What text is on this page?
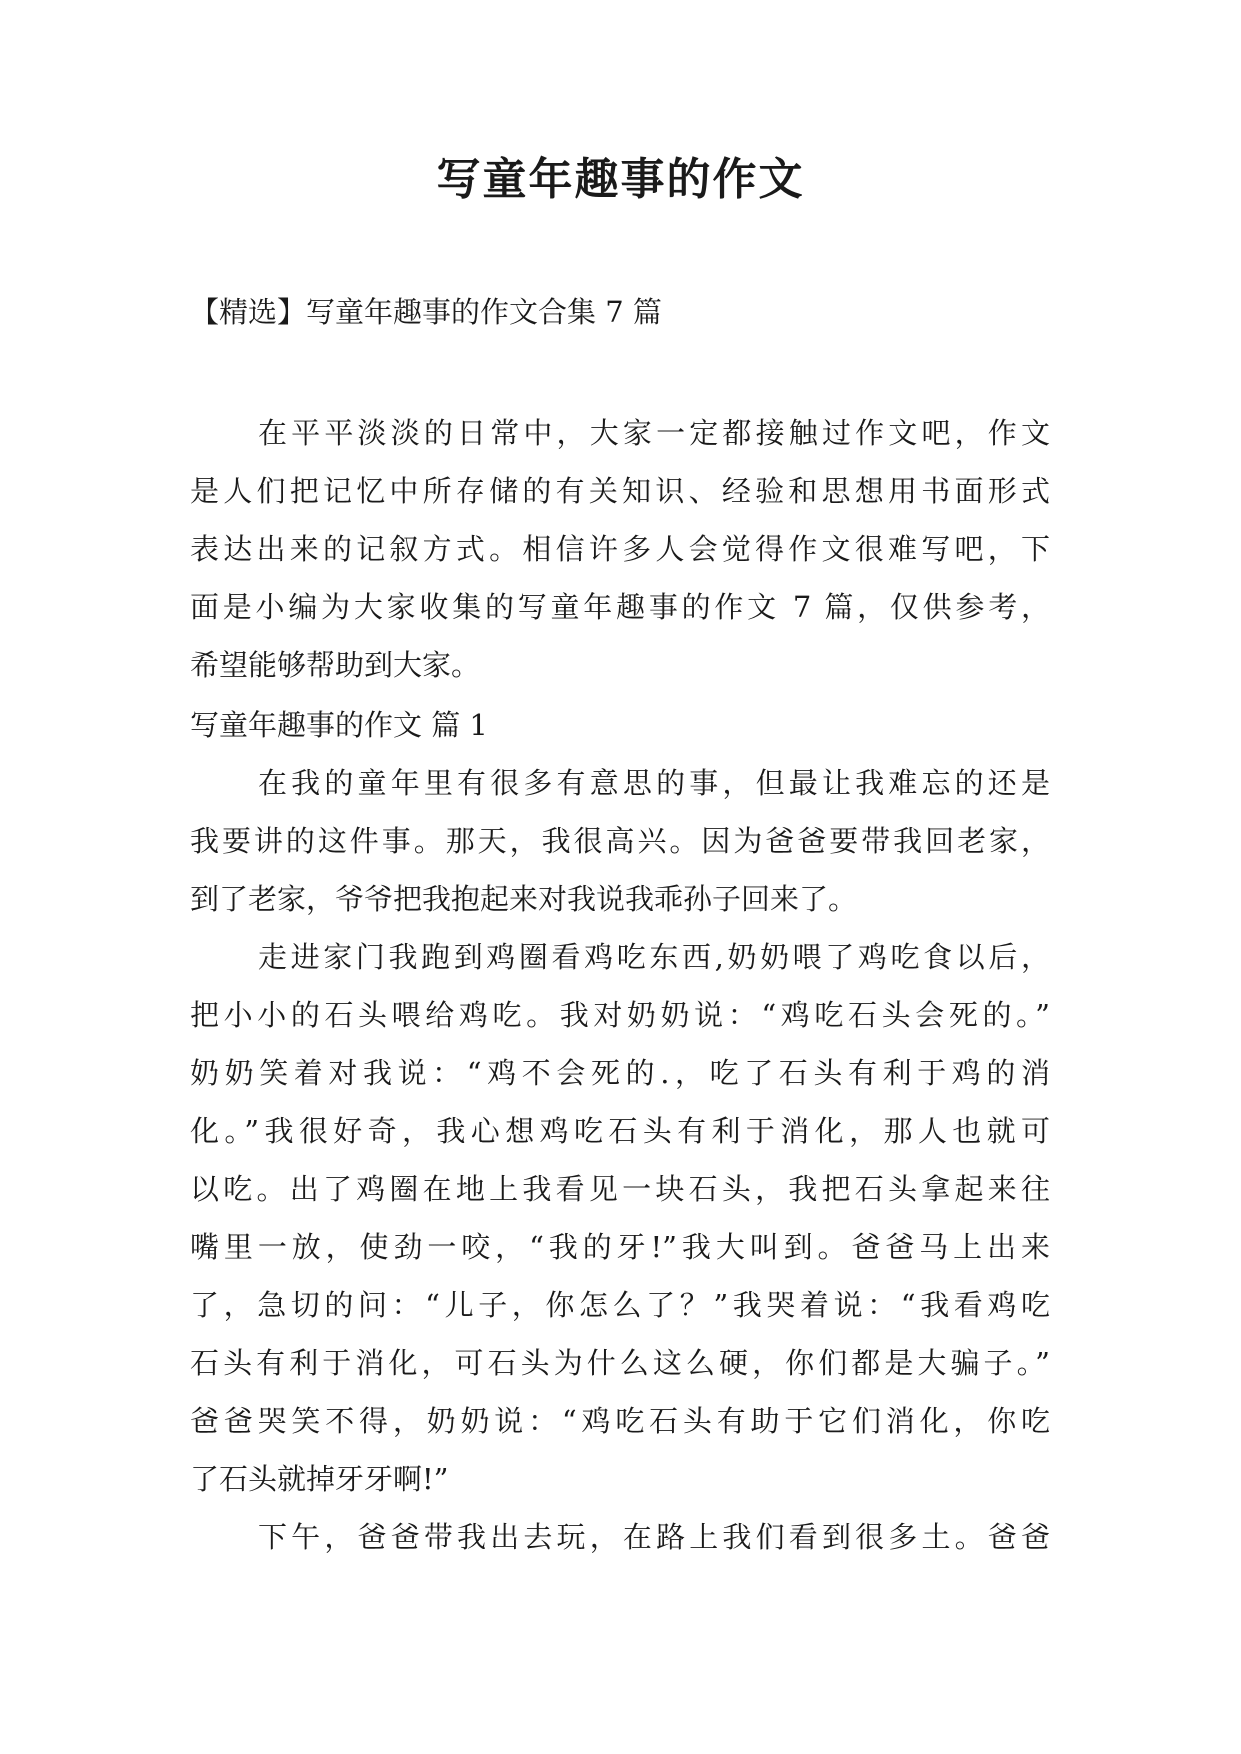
写童年趣事的作文
【精选】写童年趣事的作文合集 7 篇
在平平淡淡的日常中，大家一定都接触过作文吧，作文
是人们把记忆中所存储的有关知识、经验和思想用书面形式
表达出来的记叙方式。相信许多人会觉得作文很难写吧，下
面是小编为大家收集的写童年趣事的作文 7 篇，仅供参考，
希望能够帮助到大家。
写童年趣事的作文 篇 1
在我的童年里有很多有意思的事，但最让我难忘的还是
我要讲的这件事。那天，我很高兴。因为爸爸要带我回老家，
到了老家，爷爷把我抱起来对我说我乖孙子回来了。
走进家门我跑到鸡圈看鸡吃东西,奶奶喂了鸡吃食以后，
把小小的石头喂给鸡吃。我对奶奶说：“鸡吃石头会死的。”
奶奶笑着对我说：“鸡不会死的.，吃了石头有利于鸡的消
化。”我很好奇，我心想鸡吃石头有利于消化，那人也就可
以吃。出了鸡圈在地上我看见一块石头，我把石头拿起来往
嘴里一放，使劲一咬，“我的牙!”我大叫到。爸爸马上出来
了，急切的问：“儿子，你怎么了？”我哭着说：“我看鸡吃
石头有利于消化，可石头为什么这么硬，你们都是大骗子。”
爸爸哭笑不得，奶奶说：“鸡吃石头有助于它们消化，你吃
了石头就掉牙牙啊!”
下午，爸爸带我出去玩，在路上我们看到很多土。爸爸
